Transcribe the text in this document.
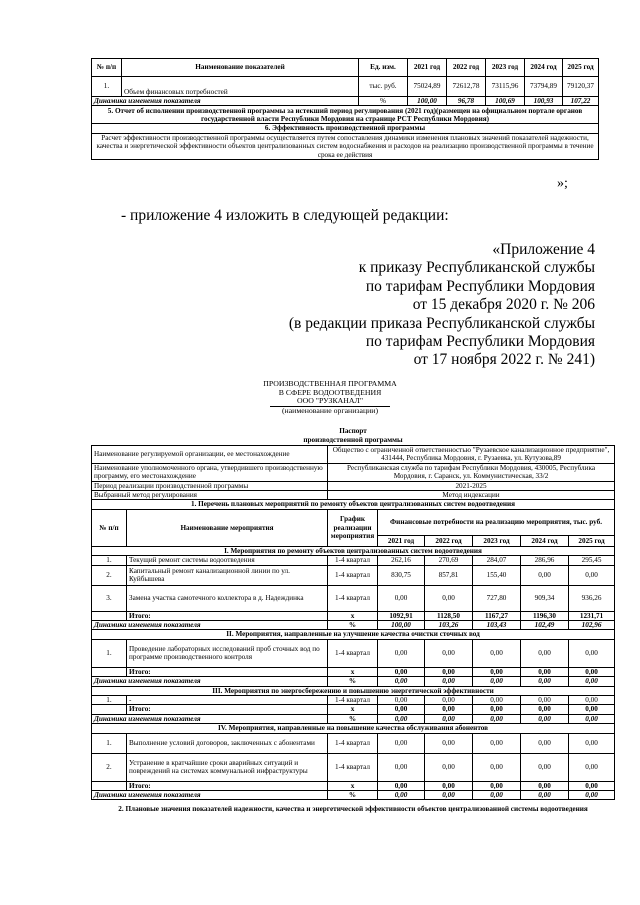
№ п/п	Наименование показателей	Ед. изм.	2021 год	2022 год	2023 год	2024 год	2025 год
1.	Объем финансовых потребностей	тыс. руб.	75024,89	72612,78	73115,96	73794,89	79120,37
Динамика изменения показателя		%	100,00	96,78	100,69	100,93	107,22
5. Отчет об исполнении производственной программы за истекший период регулирования (2021 год)(размещен на официальном портале органов государственной власти Республики Мордовия на странице РСТ Республики Мордовия)							
6. Эффективность производственной программы							
Расчет эффективности производственной программы осуществляется путем сопоставления динамики изменения плановых значений показателей надежности, качества и энергетической эффективности объектов централизованных систем водоснабжения и расходов на реализацию производственной программы в течение срока ее действия							
»;
- приложение 4 изложить в следующей редакции:
«Приложение 4
к приказу Республиканской службы
по тарифам Республики Мордовия
от 15 декабря 2020 г. № 206
(в редакции приказа Республиканской службы
по тарифам Республики Мордовия
от 17 ноября 2022 г. № 241)
ПРОИЗВОДСТВЕННАЯ ПРОГРАММА
В СФЕРЕ ВОДООТВЕДЕНИЯ
ООО "РУЗКАНАЛ"
(наименование организации)
Паспорт							
производственной программы							
Наименование регулируемой организации, ее местонахождение		Общество с ограниченной ответственностью "Рузаевское канализационное предприятие", 431444, Республика Мордовия, г. Рузаевка, ул. Кутузова,89					
Наименование уполномоченного органа, утвердившего производственную программу, его местонахождение		Республиканская служба по тарифам Республики Мордовия, 430005, Республика Мордовия, г. Саранск, ул. Коммунистическая, 33/2					
Период реализации производственной программы		2021-2025					
Выбранный метод регулирования		Метод индексации					
1. Перечень плановых мероприятий по ремонту объектов централизованных систем водоотведения							
№ п/п	Наименование мероприятия	График реализации мероприятия	Финансовые потребности на реализацию мероприятия, тыс. руб.				
			2021 год	2022 год	2023 год	2024 год	2025 год
I. Мероприятия по ремонту объектов централизованных систем водоотведения							
1.	Текущий ремонт системы водоотведения	1-4 квартал	262,16	270,69	284,07	286,96	295,45
2.	Капитальный ремонт канализационной линии по ул. Куйбышева	1-4 квартал	830,75	857,81	155,40	0,00	0,00
3.	Замена участка самотечного коллектора в д. Надеждинка	1-4 квартал	0,00	0,00	727,80	909,34	936,26
	Итого:	х	1092,91	1128,50	1167,27	1196,30	1231,71
Динамика изменения показателя		%	100,00	103,26	103,43	102,49	102,96
II. Мероприятия, направленные на улучшение качества очистки сточных вод							
1.	Проведение лабораторных исследований проб сточных вод по программе производственного контроля	1-4 квартал	0,00	0,00	0,00	0,00	0,00
	Итого:	х	0,00	0,00	0,00	0,00	0,00
Динамика изменения показателя		%	0,00	0,00	0,00	0,00	0,00
III. Мероприятия по энергосбережению и повышению энергетической эффективности							
1.	-	1-4 квартал	0,00	0,00	0,00	0,00	0,00
	Итого:	х	0,00	0,00	0,00	0,00	0,00
Динамика изменения показателя		%	0,00	0,00	0,00	0,00	0,00
IV. Мероприятия, направленные на повышение качества обслуживания абонентов							
1.	Выполнение условий договоров, заключенных с абонентами	1-4 квартал	0,00	0,00	0,00	0,00	0,00
2.	Устранение в кратчайшие сроки аварийных ситуаций и повреждений на системах коммунальной инфраструктуры	1-4 квартал	0,00	0,00	0,00	0,00	0,00
	Итого:	х	0,00	0,00	0,00	0,00	0,00
Динамика изменения показателя		%	0,00	0,00	0,00	0,00	0,00
2. Плановые значения показателей надежности, качества и энергетической эффективности объектов централизованной системы водоотведения							
